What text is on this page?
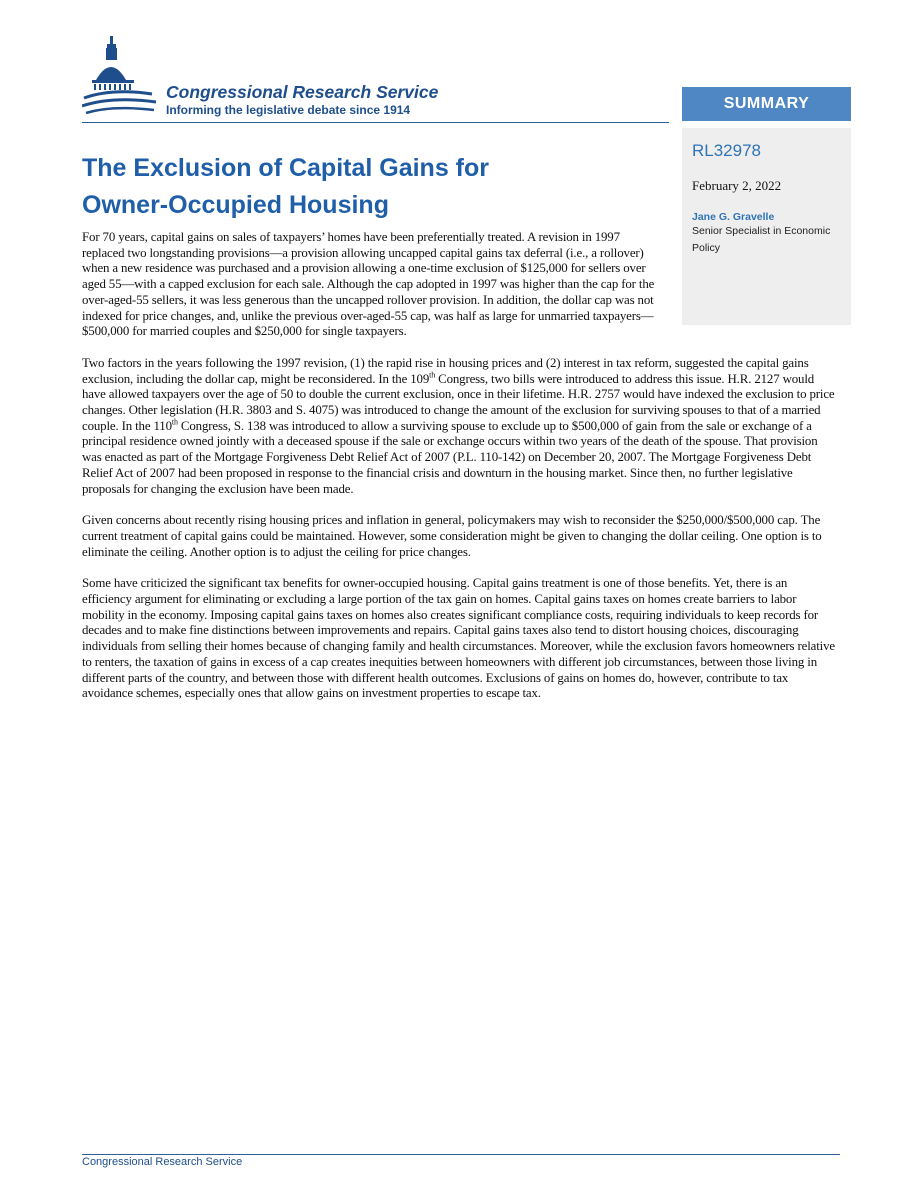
Congressional Research Service
Informing the legislative debate since 1914	SUMMARY
RL32978
February 2, 2022
Jane G. Gravelle
Senior Specialist in Economic Policy
The Exclusion of Capital Gains for Owner-Occupied Housing

For 70 years, capital gains on sales of taxpayers’ homes have been preferentially treated. A revision in 1997 replaced two longstanding provisions—a provision allowing uncapped capital gains tax deferral (i.e., a rollover) when a new residence was purchased and a provision allowing a one-time exclusion of $125,000 for sellers over aged 55—with a capped exclusion for each sale. Although the cap adopted in 1997 was higher than the cap for the over-aged-55 sellers, it was less generous than the uncapped rollover provision. In addition, the dollar cap was not indexed for price changes, and, unlike the previous over-aged-55 cap, was half as large for unmarried taxpayers—$500,000 for married couples and $250,000 for single taxpayers.

Two factors in the years following the 1997 revision, (1) the rapid rise in housing prices and (2) interest in tax reform, suggested the capital gains exclusion, including the dollar cap, might be reconsidered. In the 109th Congress, two bills were introduced to address this issue. H.R. 2127 would have allowed taxpayers over the age of 50 to double the current exclusion, once in their lifetime. H.R. 2757 would have indexed the exclusion to price changes. Other legislation (H.R. 3803 and S. 4075) was introduced to change the amount of the exclusion for surviving spouses to that of a married couple. In the 110th Congress, S. 138 was introduced to allow a surviving spouse to exclude up to $500,000 of gain from the sale or exchange of a principal residence owned jointly with a deceased spouse if the sale or exchange occurs within two years of the death of the spouse. That provision was enacted as part of the Mortgage Forgiveness Debt Relief Act of 2007 (P.L. 110-142) on December 20, 2007. The Mortgage Forgiveness Debt Relief Act of 2007 had been proposed in response to the financial crisis and downturn in the housing market. Since then, no further legislative proposals for changing the exclusion have been made.

Given concerns about recently rising housing prices and inflation in general, policymakers may wish to reconsider the $250,000/$500,000 cap. The current treatment of capital gains could be maintained. However, some consideration might be given to changing the dollar ceiling. One option is to eliminate the ceiling. Another option is to adjust the ceiling for price changes.

Some have criticized the significant tax benefits for owner-occupied housing. Capital gains treatment is one of those benefits. Yet, there is an efficiency argument for eliminating or excluding a large portion of the tax gain on homes. Capital gains taxes on homes create barriers to labor mobility in the economy. Imposing capital gains taxes on homes also creates significant compliance costs, requiring individuals to keep records for decades and to make fine distinctions between improvements and repairs. Capital gains taxes also tend to distort housing choices, discouraging individuals from selling their homes because of changing family and health circumstances. Moreover, while the exclusion favors homeowners relative to renters, the taxation of gains in excess of a cap creates inequities between homeowners with different job circumstances, between those living in different parts of the country, and between those with different health outcomes. Exclusions of gains on homes do, however, contribute to tax avoidance schemes, especially ones that allow gains on investment properties to escape tax.

Congressional Research Service
